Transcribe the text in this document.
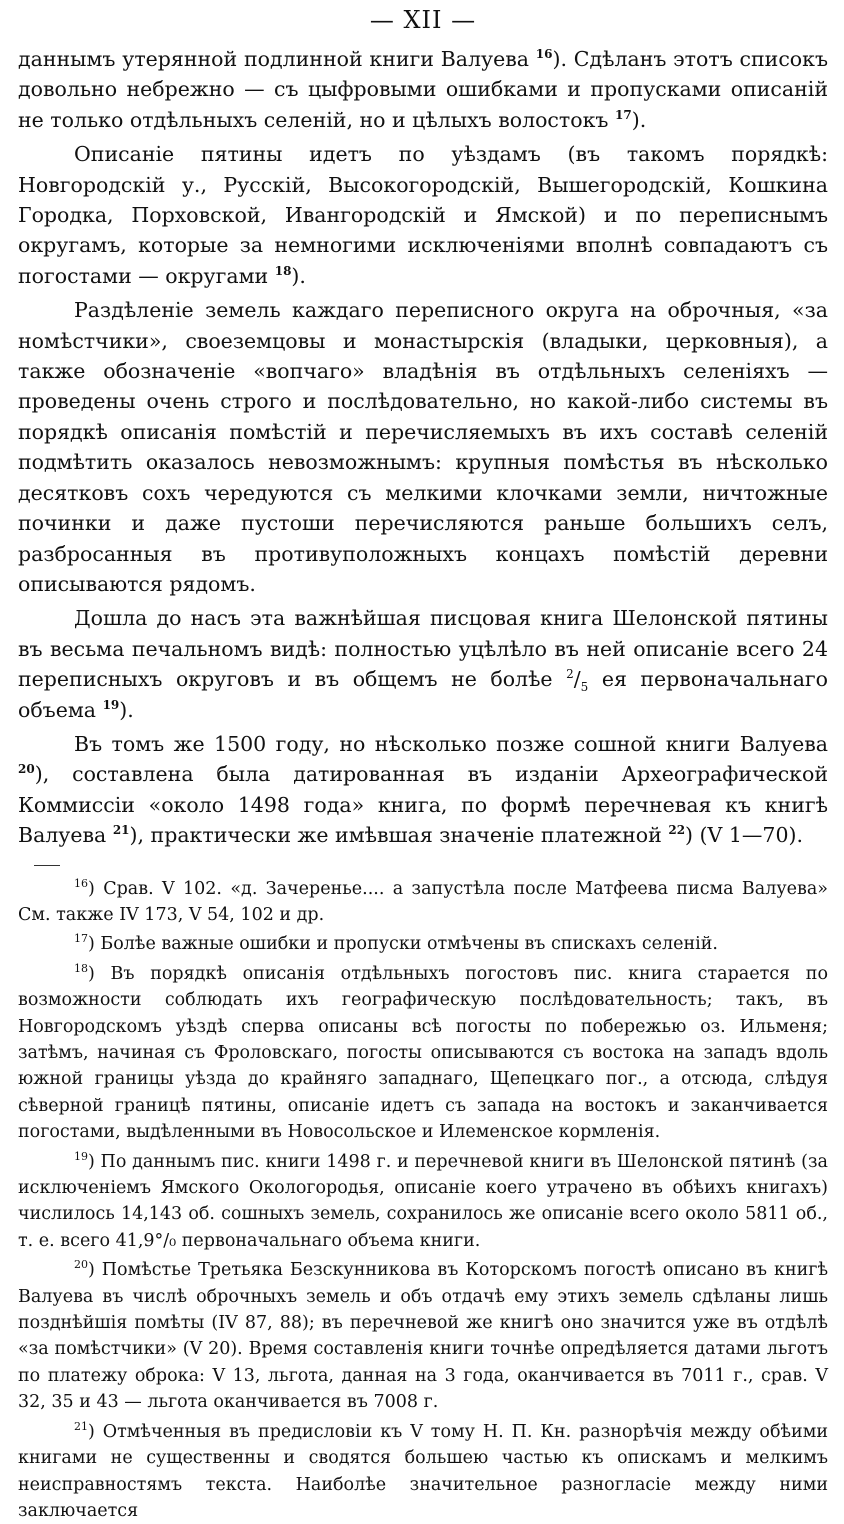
— XII —

даннымъ утерянной подлинной книги Валуева $^{16}$). Сдѣланъ этотъ списокъ довольно небрежно — съ цыфровыми ошибками и пропусками описаній не только отдѣльныхъ селеній, но и цѣлыхъ волостокъ $^{17}$).

Описаніе пятины идетъ по уѣздамъ (въ такомъ порядкѣ: Новгородскій у., Русскій, Высокогородскій, Вышегородскій, Кошкина Городка, Порховской, Ивангородскій и Ямской) и по переписнымъ округамъ, которые за немногими исключеніями вполнѣ совпадаютъ съ погостами — округами $^{18}$).

Раздѣленіе земель каждаго переписного округа на оброчныя, «за номѣстчики», своеземцовы и монастырскія (владыки, церковныя), а также обозначеніе «вопчаго» владѣнія въ отдѣльныхъ селеніяхъ — проведены очень строго и послѣдовательно, но какой-либо системы въ порядкѣ описанія помѣстій и перечисляемыхъ въ ихъ составѣ селеній подмѣтить оказалось невозможнымъ: крупныя помѣстья въ нѣсколько десятковъ сохъ чередуются съ мелкими клочками земли, ничтожные починки и даже пустоши перечисляются раньше большихъ селъ, разбросанныя въ противуположныхъ концахъ помѣстій деревни описываются рядомъ.

Дошла до насъ эта важнѣйшая писцовая книга Шелонской пятины въ весьма печальномъ видѣ: полностью уцѣлѣло въ ней описаніе всего 24 переписныхъ округовъ и въ общемъ не болѣе $^2/_5$ ея первоначальнаго объема $^{19}$).

Въ томъ же 1500 году, но нѣсколько позже сошной книги Валуева $^{20}$), составлена была датированная въ изданіи Археографической Коммиссіи «около 1498 года» книга, по формѣ перечневая къ книгѣ Валуева $^{21}$), практически же имѣвшая значеніе платежной $^{22}$) (V 1—70).

$^{16}$) Срав. V 102. «д. Зачеренье.... а запустѣла после Матфеева писма Валуева» См. также IV 173, V 54, 102 и др.

$^{17}$) Болѣе важные ошибки и пропуски отмѣчены въ спискахъ селеній.

$^{18}$) Въ порядкѣ описанія отдѣльныхъ погостовъ пис. книга старается по возможности соблюдать ихъ географическую послѣдовательность; такъ, въ Новгородскомъ уѣздѣ сперва описаны всѣ погосты по побережью оз. Ильменя; затѣмъ, начиная съ Фроловскаго, погосты описываются съ востока на западъ вдоль южной границы уѣзда до крайняго западнаго, Щепецкаго пог., а отсюда, слѣдуя сѣверной границѣ пятины, описаніе идетъ съ запада на востокъ и заканчивается погостами, выдѣленными въ Новосольское и Илеменское кормленія.

$^{19}$) По даннымъ пис. книги 1498 г. и перечневой книги въ Шелонской пятинѣ (за исключеніемъ Ямского Окологородья, описаніе коего утрачено въ обѣихъ книгахъ) числилось 14,143 об. сошныхъ земель, сохранилось же описаніе всего около 5811 об., т. е. всего 41,9°/₀ первоначальнаго объема книги.

$^{20}$) Помѣстье Третьяка Безскунникова въ Которскомъ погостѣ описано въ книгѣ Валуева въ числѣ оброчныхъ земель и объ отдачѣ ему этихъ земель сдѣланы лишь позднѣйшія помѣты (IV 87, 88); въ перечневой же книгѣ оно значится уже въ отдѣлѣ «за помѣстчики» (V 20). Время составленія книги точнѣе опредѣляется датами льготъ по платежу оброка: V 13, льгота, данная на 3 года, оканчивается въ 7011 г., срав. V 32, 35 и 43 — льгота оканчивается въ 7008 г.

$^{21}$) Отмѣченныя въ предисловіи къ V тому Н. П. Кн. разнорѣчія между обѣими книгами не существенны и сводятся большею частью къ опискамъ и мелкимъ неисправностямъ текста. Наиболѣе значительное разногласіе между ними заключается
